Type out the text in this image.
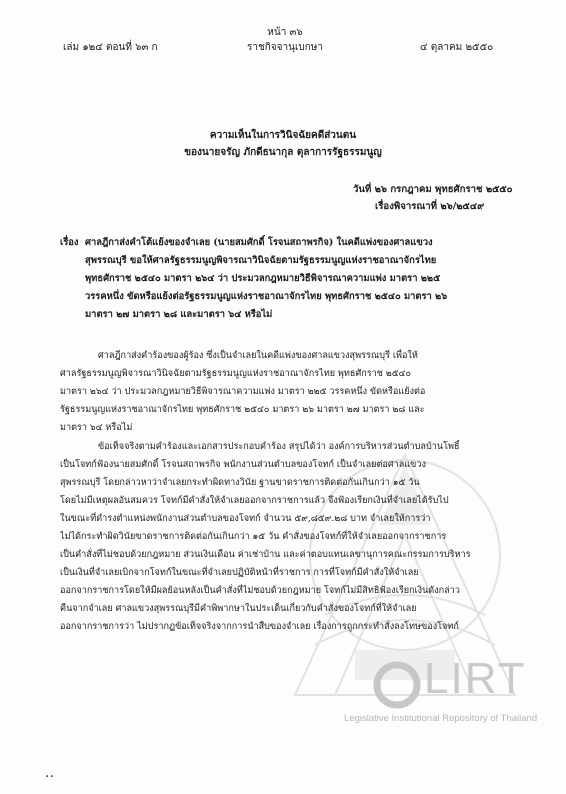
หน้า ๓๖
เล่ม ๑๒๔ ตอนที่ ๖๓ ก	ราชกิจจานุเบกษา	๔ ตุลาคม ๒๕๕๐
ความเห็นในการวินิจฉัยคดีส่วนตน
ของนายจรัญ ภักดีธนากุล ตุลาการรัฐธรรมนูญ
วันที่ ๒๖ กรกฎาคม พุทธศักราช ๒๕๕๐
เรื่องพิจารณาที่ ๒๖/๒๕๔๙
เรื่อง ศาลฎีกาส่งคำโต้แย้งของจำเลย (นายสมศักดิ์ โรจนสถาพรกิจ) ในคดีแพ่งของศาลแขวง
สุพรรณบุรี ขอให้ศาลรัฐธรรมนูญพิจารณาวินิจฉัยตามรัฐธรรมนูญแห่งราชอาณาจักรไทย
พุทธศักราช ๒๕๔๐ มาตรา ๒๖๔ ว่า ประมวลกฎหมายวิธีพิจารณาความแพ่ง มาตรา ๒๒๕
วรรคหนึ่ง ขัดหรือแย้งต่อรัฐธรรมนูญแห่งราชอาณาจักรไทย พุทธศักราช ๒๕๔๐ มาตรา ๒๖
มาตรา ๒๗ มาตรา ๒๘ และมาตรา ๖๔ หรือไม่
ศาลฎีกาส่งคำร้องของผู้ร้อง ซึ่งเป็นจำเลยในคดีแพ่งของศาลแขวงสุพรรณบุรี เพื่อให้
ศาลรัฐธรรมนูญพิจารณาวินิจฉัยตามรัฐธรรมนูญแห่งราชอาณาจักรไทย พุทธศักราช ๒๕๔๐
มาตรา ๒๖๔ ว่า ประมวลกฎหมายวิธีพิจารณาความแพ่ง มาตรา ๒๒๕ วรรคหนึ่ง ขัดหรือแย้งต่อ
รัฐธรรมนูญแห่งราชอาณาจักรไทย พุทธศักราช ๒๕๔๐ มาตรา ๒๖ มาตรา ๒๗ มาตรา ๒๘ และ
มาตรา ๖๔ หรือไม่
ข้อเท็จจริงตามคำร้องและเอกสารประกอบคำร้อง สรุปได้ว่า องค์การบริหารส่วนตำบลบ้านโพธิ์
เป็นโจทก์ฟ้องนายสมศักดิ์ โรจนสถาพรกิจ พนักงานส่วนตำบลของโจทก์ เป็นจำเลยต่อศาลแขวง
สุพรรณบุรี โดยกล่าวหาว่าจำเลยกระทำผิดทางวินัย ฐานขาดราชการติดต่อกันเกินกว่า ๑๕ วัน
โดยไม่มีเหตุผลอันสมควร โจทก์มีคำสั่งให้จำเลยออกจากราชการแล้ว จึงฟ้องเรียกเงินที่จำเลยได้รับไป
ในขณะที่ดำรงตำแหน่งพนักงานส่วนตำบลของโจทก์ จำนวน ๕๙,๘๕๙.๒๘ บาท จำเลยให้การว่า
ไม่ได้กระทำผิดวินัยขาดราชการติดต่อกันเกินกว่า ๑๕ วัน คำสั่งของโจทก์ที่ให้จำเลยออกจากราชการ
เป็นคำสั่งที่ไม่ชอบด้วยกฎหมาย ส่วนเงินเดือน ค่าเช่าบ้าน และค่าตอบแทนเลขานุการคณะกรรมการบริหาร
เป็นเงินที่จำเลยเบิกจากโจทก์ในขณะที่จำเลยปฏิบัติหน้าที่ราชการ การที่โจทก์มีคำสั่งให้จำเลย
ออกจากราชการโดยให้มีผลย้อนหลังเป็นคำสั่งที่ไม่ชอบด้วยกฎหมาย โจทก์ไม่มีสิทธิฟ้องเรียกเงินดังกล่าว
คืนจากจำเลย ศาลแขวงสุพรรณบุรีมีคำพิพากษาในประเด็นเกี่ยวกับคำสั่งของโจทก์ที่ให้จำเลย
ออกจากราชการว่า ไม่ปรากฏข้อเท็จจริงจากการนำสืบของจำเลย เรื่องการถูกกระทำสั่งลงโทษของโจทก์
LIRT
Legislative Institutional Repository of Thailand
..
